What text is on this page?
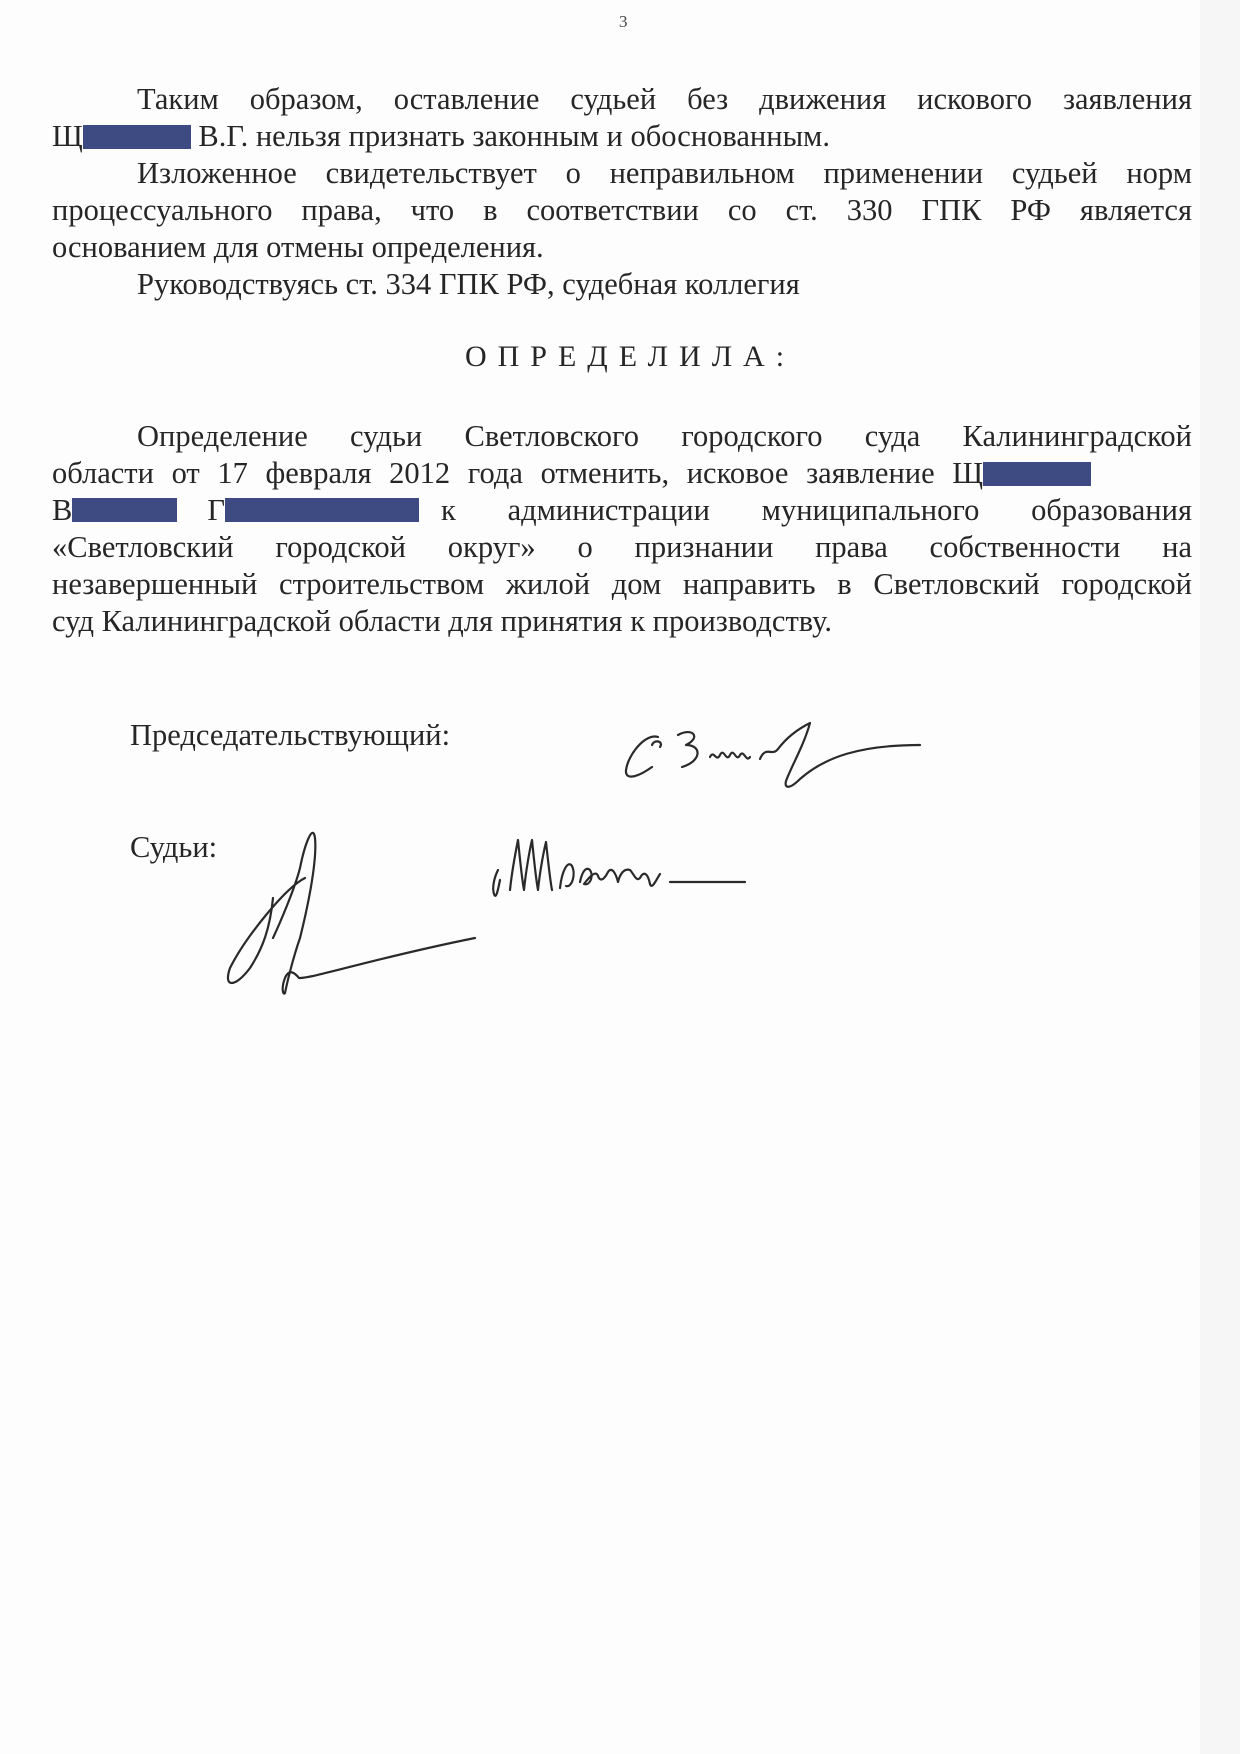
3
Таким образом, оставление судьей без движения искового заявления
Щ	В.Г. нельзя признать законным и обоснованным.
Изложенное свидетельствует о неправильном применении судьей норм
процессуального права, что в соответствии со ст. 330 ГПК РФ является
основанием для отмены определения.
Руководствуясь ст. 334 ГПК РФ, судебная коллегия
ОПРЕДЕЛИЛА:
Определение судьи Светловского городского суда Калининградской
области от 17 февраля 2012 года отменить, исковое заявление Щ
В	Г	к администрации муниципального образования
«Светловский городской округ» о признании права собственности на
незавершенный строительством жилой дом направить в Светловский городской
суд Калининградской области для принятия к производству.
Председательствующий:
Судьи:
